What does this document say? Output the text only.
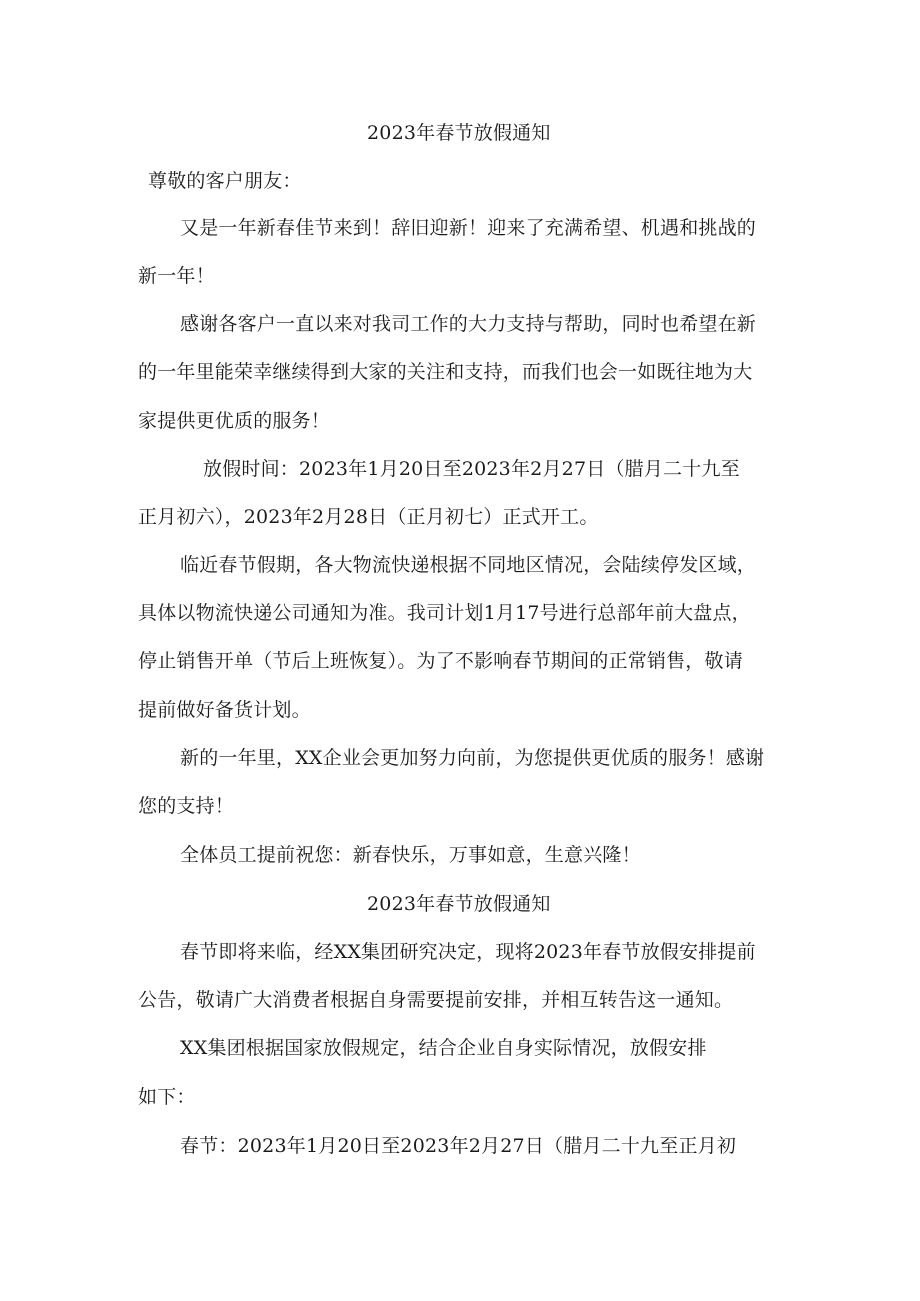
2023年春节放假通知
尊敬的客户朋友：
又是一年新春佳节来到！辞旧迎新！迎来了充满希望、机遇和挑战的
新一年！
感谢各客户一直以来对我司工作的大力支持与帮助，同时也希望在新
的一年里能荣幸继续得到大家的关注和支持，而我们也会一如既往地为大
家提供更优质的服务！
放假时间：2023年1月20日至2023年2月27日（腊月二十九至
正月初六），2023年2月28日（正月初七）正式开工。
临近春节假期，各大物流快递根据不同地区情况，会陆续停发区域，
具体以物流快递公司通知为准。我司计划1月17号进行总部年前大盘点，
停止销售开单（节后上班恢复）。为了不影响春节期间的正常销售，敬请
提前做好备货计划。
新的一年里，XX企业会更加努力向前，为您提供更优质的服务！感谢
您的支持！
全体员工提前祝您：新春快乐，万事如意，生意兴隆！
2023年春节放假通知
春节即将来临，经XX集团研究决定，现将2023年春节放假安排提前
公告，敬请广大消费者根据自身需要提前安排，并相互转告这一通知。
XX集团根据国家放假规定，结合企业自身实际情况，放假安排
如下：
春节：2023年1月20日至2023年2月27日（腊月二十九至正月初
